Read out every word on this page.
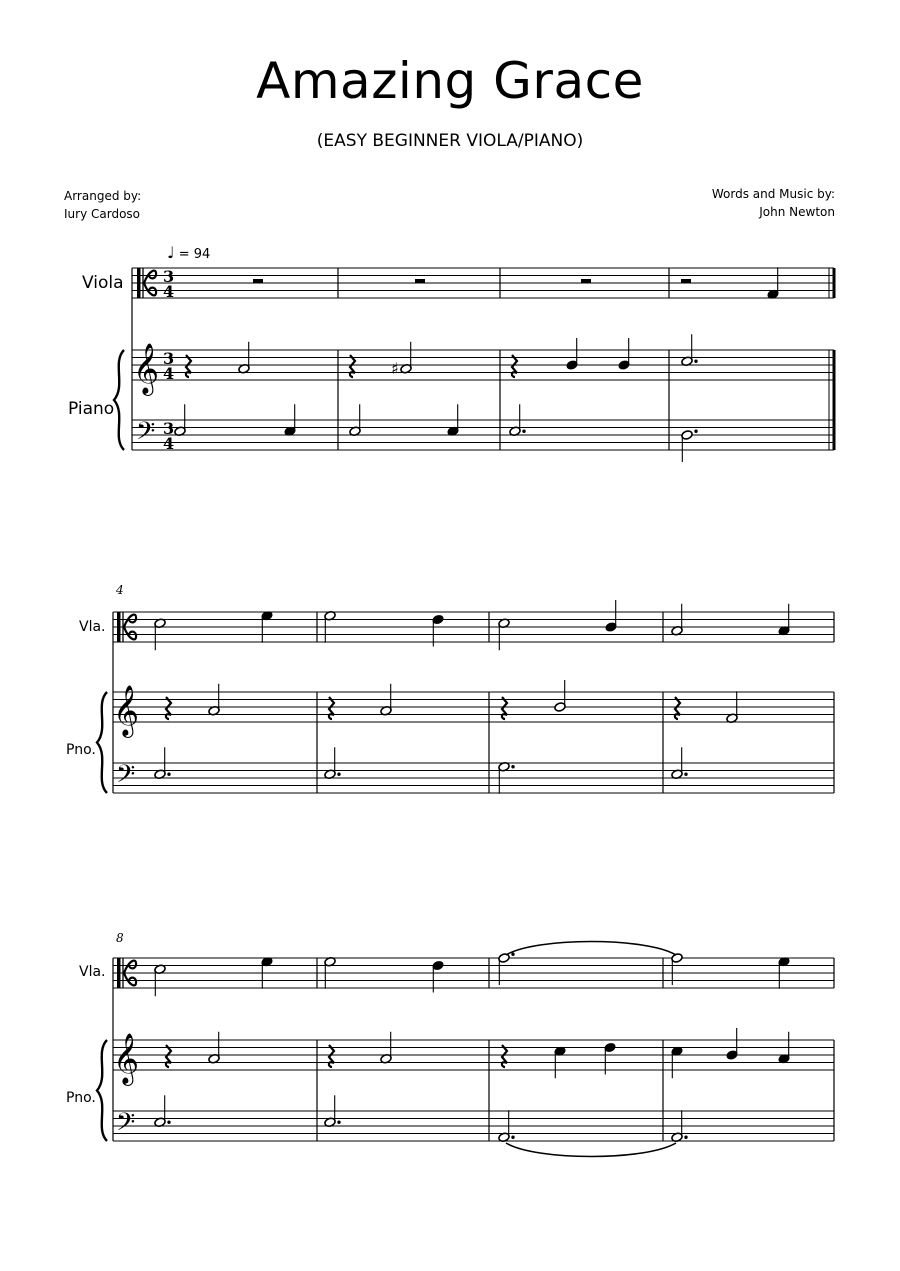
Amazing Grace
(EASY BEGINNER VIOLA/PIANO)
Arranged by:
Iury Cardoso
Words and Music by:
John Newton
♩ = 94
Viola
Piano
Vla.
Pno.
Vla.
Pno.
4
8
𝄞
𝄢
3
4
3
4
3
4
♯
𝄞
𝄢
𝄞
𝄢
